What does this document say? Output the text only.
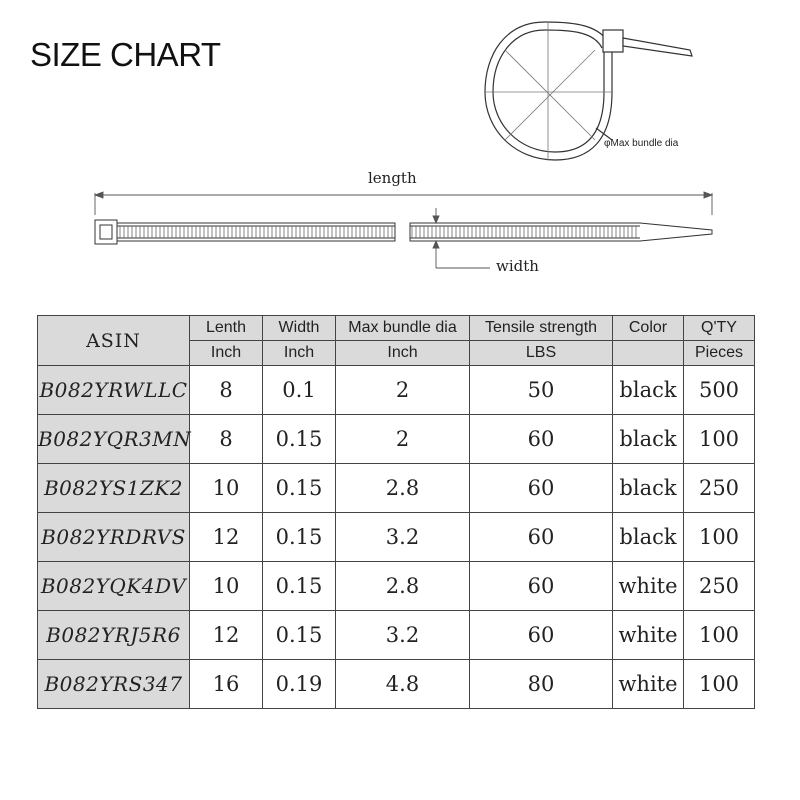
SIZE CHART
φMax bundle dia
length
width
ASIN	Lenth	Width	Max bundle dia	Tensile strength	Color	Q'TY
	Inch	Inch	Inch	LBS		Pieces
B082YRWLLC	8	0.1	2	50	black	500
B082YQR3MN	8	0.15	2	60	black	100
B082YS1ZK2	10	0.15	2.8	60	black	250
B082YRDRVS	12	0.15	3.2	60	black	100
B082YQK4DV	10	0.15	2.8	60	white	250
B082YRJ5R6	12	0.15	3.2	60	white	100
B082YRS347	16	0.19	4.8	80	white	100
